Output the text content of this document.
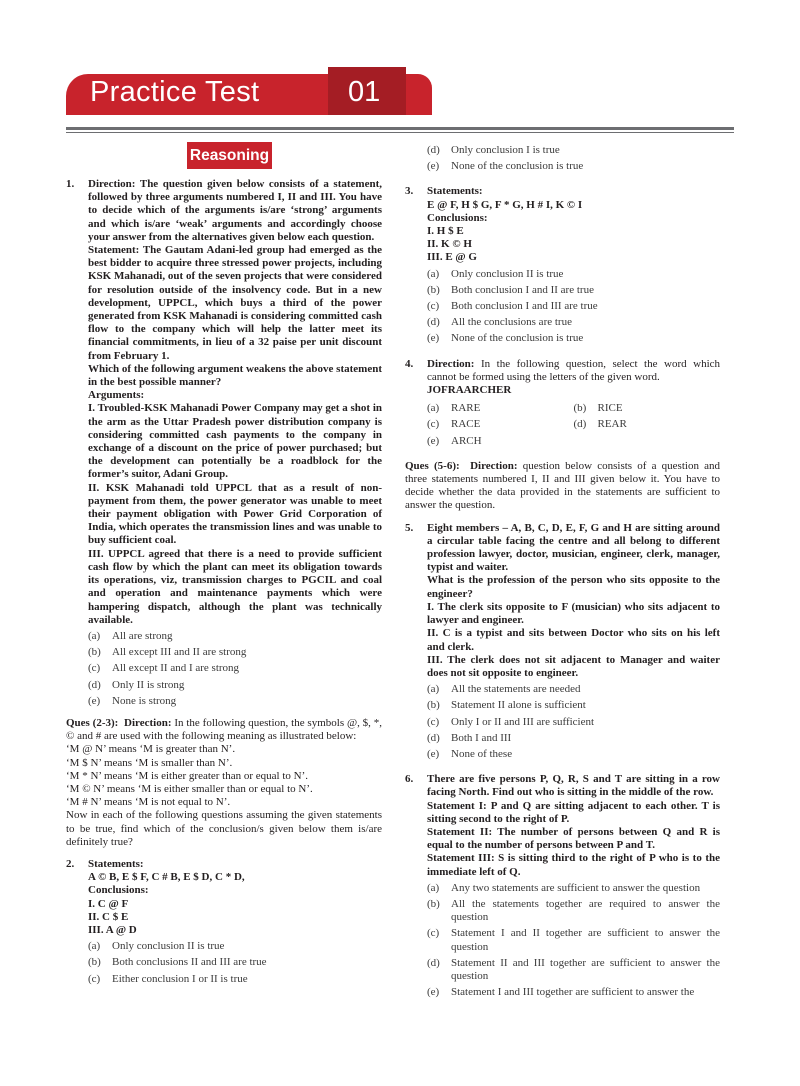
Practice Test	01
Reasoning
1. Direction: The question given below consists of a statement, followed by three arguments numbered I, II and III. You have to decide which of the arguments is/are ‘strong’ arguments and which is/are ‘weak’ arguments and accordingly choose your answer from the alternatives given below each question.
Statement: The Gautam Adani-led group had emerged as the best bidder to acquire three stressed power projects, including KSK Mahanadi, out of the seven projects that were considered for resolution outside of the insolvency code. But in a new development, UPPCL, which buys a third of the power generated from KSK Mahanadi is considering committed cash flow to the company which will help the latter meet its financial commitments, in lieu of a 32 paise per unit discount from February 1.
Which of the following argument weakens the above statement in the best possible manner?
Arguments:
I. Troubled-KSK Mahanadi Power Company may get a shot in the arm as the Uttar Pradesh power distribution company is considering committed cash payments to the company in exchange of a discount on the price of power purchased; but the development can potentially be a roadblock for the former’s suitor, Adani Group.
II. KSK Mahanadi told UPPCL that as a result of non-payment from them, the power generator was unable to meet their payment obligation with Power Grid Corporation of India, which operates the transmission lines and was unable to buy sufficient coal.
III. UPPCL agreed that there is a need to provide sufficient cash flow by which the plant can meet its obligation towards its operations, viz, transmission charges to PGCIL and coal and operation and maintenance payments which were hampering dispatch, although the plant was technically available.
(a) All are strong
(b) All except III and II are strong
(c) All except II and I are strong
(d) Only II is strong
(e) None is strong
Ques (2-3): Direction: In the following question, the symbols @, $, *, © and # are used with the following meaning as illustrated below:
‘M @ N’ means ‘M is greater than N’.
‘M $ N’ means ‘M is smaller than N’.
‘M * N’ means ‘M is either greater than or equal to N’.
‘M © N’ means ‘M is either smaller than or equal to N’.
‘M # N’ means ‘M is not equal to N’.
Now in each of the following questions assuming the given statements to be true, find which of the conclusion/s given below them is/are definitely true?
2. Statements:
A © B, E $ F, C # B, E $ D, C * D,
Conclusions:
I. C @ F
II. C $ E
III. A @ D
(a) Only conclusion II is true
(b) Both conclusions II and III are true
(c) Either conclusion I or II is true
(d) Only conclusion I is true
(e) None of the conclusion is true
3. Statements:
E @ F, H $ G, F * G, H # I, K © I
Conclusions:
I. H $ E
II. K © H
III. E @ G
(a) Only conclusion II is true
(b) Both conclusion I and II are true
(c) Both conclusion I and III are true
(d) All the conclusions are true
(e) None of the conclusion is true
4. Direction: In the following question, select the word which cannot be formed using the letters of the given word.
JOFRAARCHER
(a) RARE	(b) RICE
(c) RACE	(d) REAR
(e) ARCH
Ques (5-6): Direction: question below consists of a question and three statements numbered I, II and III given below it. You have to decide whether the data provided in the statements are sufficient to answer the question.
5. Eight members – A, B, C, D, E, F, G and H are sitting around a circular table facing the centre and all belong to different profession lawyer, doctor, musician, engineer, clerk, manager, typist and waiter.
What is the profession of the person who sits opposite to the engineer?
I. The clerk sits opposite to F (musician) who sits adjacent to lawyer and engineer.
II. C is a typist and sits between Doctor who sits on his left and clerk.
III. The clerk does not sit adjacent to Manager and waiter does not sit opposite to engineer.
(a) All the statements are needed
(b) Statement II alone is sufficient
(c) Only I or II and III are sufficient
(d) Both I and III
(e) None of these
6. There are five persons P, Q, R, S and T are sitting in a row facing North. Find out who is sitting in the middle of the row.
Statement I: P and Q are sitting adjacent to each other. T is sitting second to the right of P.
Statement II: The number of persons between Q and R is equal to the number of persons between P and T.
Statement III: S is sitting third to the right of P who is to the immediate left of Q.
(a) Any two statements are sufficient to answer the question
(b) All the statements together are required to answer the question
(c) Statement I and II together are sufficient to answer the question
(d) Statement II and III together are sufficient to answer the question
(e) Statement I and III together are sufficient to answer the
